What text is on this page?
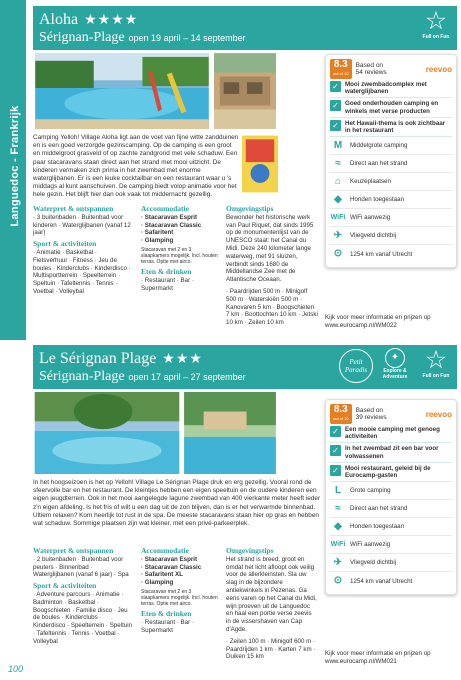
Languedoc - Frankrijk
Aloha ★★★★
Sérignan-Plage open 19 april – 14 september
☆
Full on Fun
8.3
out of 10
Based on
54 reviews	reevoo
✓ Mooi zwembadcomplex met waterglijbanen
✓ Goed onderhouden camping en winkels met verse producten
✓ Het Hawaii-thema is ook zichtbaar in het restaurant
M	Middelgrote camping
≈	Direct aan het strand
⌂	Keuzeplaatsen
◆	Honden toegestaan
WiFi WiFi aanwezig
✈	Vliegveld dichtbij
⊙	1254 km vanaf Utrecht
Camping Yelloh! Village Aloha ligt aan de voet van fijne witte zandduinen en is een goed verzorgde gezinscamping. Op de camping is een groot en middelgroot grasveld of op zachte zandgrond met vele schaduw. Een paar stacaravans staan direct aan het strand met mooi uitzicht. De kinderen vermaken zich prima in het zwembad met enorme waterglijbanen. Er is een leuke cocktailbar en een restaurant waar u 's middags al kunt aanschuiven. De camping biedt volop animatie voor het hele gezin. Het blijft hier dan ook vaak tot middernacht gezellig.
Waterpret & ontspannen
· 3 buitenbaden · Buitenbad voor kinderen · Waterglijbanen (vanaf 12 jaar)
Sport & activiteiten
· Animatie · Basketbal · Fietsverhuur · Fitness · Jeu de boules · Kinderclubs · Kinderdisco · Multisportterrein · Speelterrein · Speltuin · Tafeltennis · Tennis · Voetbal · Volleybal
Accommodatie
· Stacaravan Esprit
· Stacaravan Classic
· Safaritent
· Glamping
Stacaravan met 2 en 3 slaapkamers mogelijk. Incl. houten terras. Optie met airco.
Eten & drinken
· Restaurant · Bar · Supermarkt
Omgevingstips
Bewonder het historische werk van Paul Riquet, dat sinds 1995 op de monumentenlijst van de UNESCO staat: het Canal du Midi. Deze 240 kilometer lange waterweg, met 91 sluizen, verbindt sinds 1680 de Middellandse Zee met de Atlantische Oceaan.
· Paardrijden 500 m · Minigolf 500 m · Waterskiën 500 m · Kanovaren 5 km · Boogschieten 7 km · Boottochten 10 km · Jetski 10 km · Zeilen 10 km
Kijk voor meer informatie en prijzen op www.eurocamp.nl/WM022
Le Sérignan Plage ★★★
Sérignan-Plage open 17 april – 27 september
Petit Paradis
✦
Explore & Adventure
☆
Full on Fun
8.3
out of 10
Based on
39 reviews	reevoo
✓ Een mooie camping met genoeg activiteiten
✓ In het zwembad zit een bar voor volwassenen
✓ Mooi restaurant, geleid bij de Eurocamp-gasten
L	Grote camping
≈	Direct aan het strand
◆	Honden toegestaan
WiFi WiFi aanwezig
✈	Vliegveld dichtbij
⊙	1254 km vanaf Utrecht
In het hoogseizoen is het op Yelloh! Village Le Sérignan Plage druk en erg gezellig. Vooral rond de sfeervolle bar en het restaurant. De kleintjes hebben een eigen speeltuin en de oudere kinderen een eigen jeugdterrein. Ook in het mooi aangelegde lagune zwembad van 400 vierkante meter heeft ieder z'n eigen afdeling. Is het fris of wilt u een dag uit de zon blijven, dan is er het verwarmde binnenbad. Ultiem relaxen? Kom heerlijk tot rust in de spa. De meeste stacaravans staan hier op gras en hebben wat schaduw. Sommige plaatsen zijn wat kleiner, met een privé-parkeerplek.
Waterpret & ontspannen
· 2 buitenbaden · Buitenbad voor peuters · Binnenbad · Waterglijbanen (vanaf 6 jaar) · Spa
Sport & activiteiten
· Adventure parcours · Animatie · Badminton · Basketbal · Boogschieten · Familie disco · Jeu de boules · Kinderclubs · Kinderdisco · Speelterrein · Speltuin · Tafeltennis · Tennis · Voetbal · Volleybal
Accommodatie
· Stacaravan Esprit
· Stacaravan Classic
· Safaritent XL
· Glamping
Stacaravan met 2 en 3 slaapkamers mogelijk. Incl. houten terras. Optie met airco.
Eten & drinken
· Restaurant · Bar · Supermarkt
Omgevingstips
Het strand is breed, groot en omdat het licht afloopt ook veilig voor de allerkleinsten. Sla uw slag in de bijzondere antiekwinkels in Pézenas. Ga eens varen op het Canal du Midi, wijn proeven uit de Languedoc en haal een portie verse zeevis in de vissershaven van Cap d'Agde.
· Zeilen 100 m · Minigolf 600 m · Paardrijden 1 km · Karten 7 km · Duiken 15 km	Kijk voor meer informatie en prijzen op www.eurocamp.nl/WM021
100
